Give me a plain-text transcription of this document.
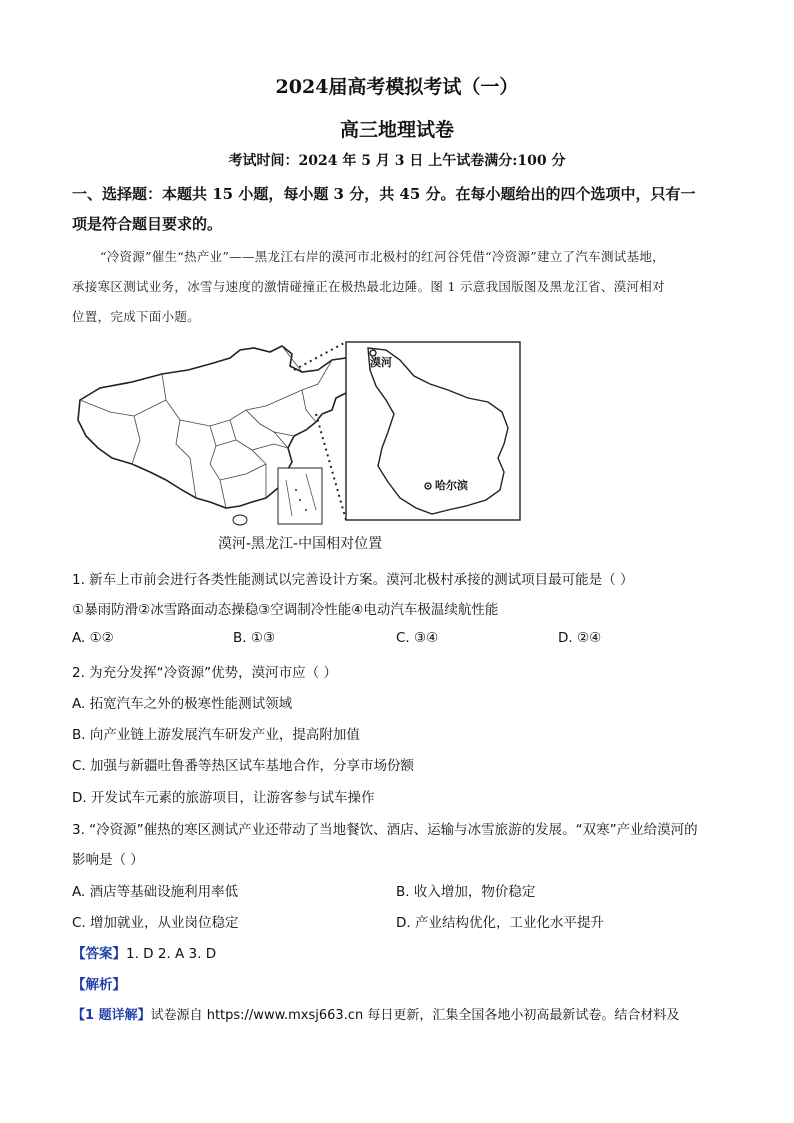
2024届高考模拟考试（一）
高三地理试卷
考试时间：2024 年 5 月 3 日 上午试卷满分:100 分
一、选择题：本题共 15 小题，每小题 3 分，共 45 分。在每小题给出的四个选项中，只有一
项是符合题目要求的。
“冷资源”催生“热产业”——黑龙江右岸的漠河市北极村的红河谷凭借“冷资源”建立了汽车测试基地，
承接寒区测试业务，冰雪与速度的激情碰撞正在极热最北边陲。图 1 示意我国版图及黑龙江省、漠河相对
位置，完成下面小题。
漠河
哈尔滨
漠河-黑龙江-中国相对位置
1. 新车上市前会进行各类性能测试以完善设计方案。漠河北极村承接的测试项目最可能是（ ）
①暴雨防滑②冰雪路面动态操稳③空调制冷性能④电动汽车极温续航性能
A. ①②	B. ①③	C. ③④	D. ②④
2. 为充分发挥“冷资源”优势，漠河市应（ ）
A. 拓宽汽车之外的极寒性能测试领域
B. 向产业链上游发展汽车研发产业，提高附加值
C. 加强与新疆吐鲁番等热区试车基地合作，分享市场份额
D. 开发试车元素的旅游项目，让游客参与试车操作
3. “冷资源”催热的寒区测试产业还带动了当地餐饮、酒店、运输与冰雪旅游的发展。“双寒”产业给漠河的
影响是（ ）
A. 酒店等基础设施利用率低	B. 收入增加，物价稳定
C. 增加就业，从业岗位稳定	D. 产业结构优化，工业化水平提升
【答案】1. D 2. A 3. D
【解析】
【1 题详解】试卷源自 https://www.mxsj663.cn 每日更新，汇集全国各地小初高最新试卷。结合材料及
